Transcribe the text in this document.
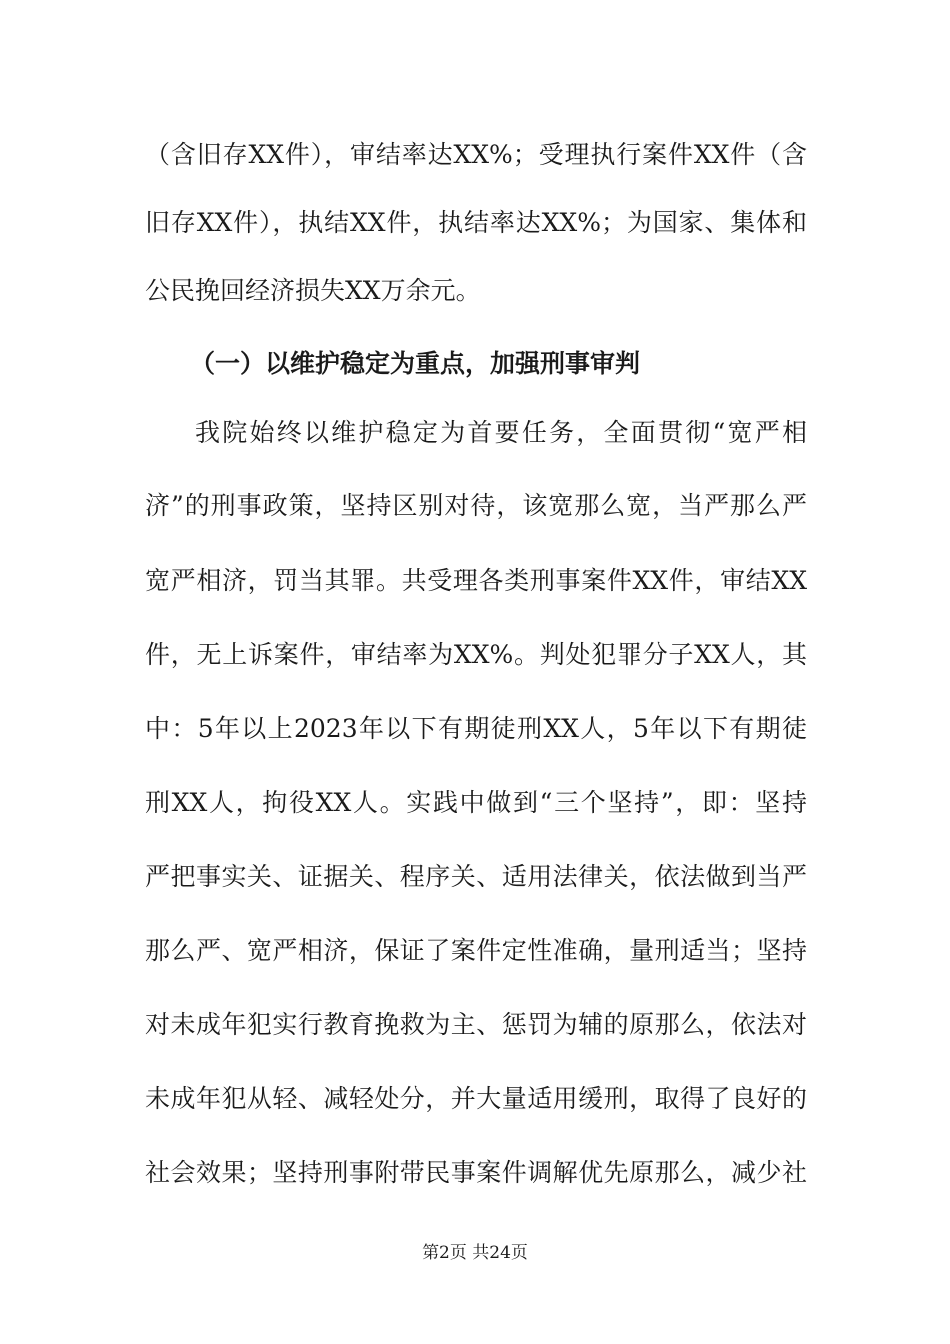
（含旧存XX件），审结率达XX%；受理执行案件XX件（含
旧存XX件），执结XX件，执结率达XX%；为国家、集体和
公民挽回经济损失XX万余元。
（一）以维护稳定为重点，加强刑事审判
我院始终以维护稳定为首要任务，全面贯彻“宽严相
济”的刑事政策，坚持区别对待，该宽那么宽，当严那么严
宽严相济，罚当其罪。共受理各类刑事案件XX件，审结XX
件，无上诉案件，审结率为XX%。判处犯罪分子XX人，其
中：5年以上2023年以下有期徒刑XX人，5年以下有期徒
刑XX人，拘役XX人。实践中做到“三个坚持”，即：坚持
严把事实关、证据关、程序关、适用法律关，依法做到当严
那么严、宽严相济，保证了案件定性准确，量刑适当；坚持
对未成年犯实行教育挽救为主、惩罚为辅的原那么，依法对
未成年犯从轻、减轻处分，并大量适用缓刑，取得了良好的
社会效果；坚持刑事附带民事案件调解优先原那么，减少社
第2页 共24页
